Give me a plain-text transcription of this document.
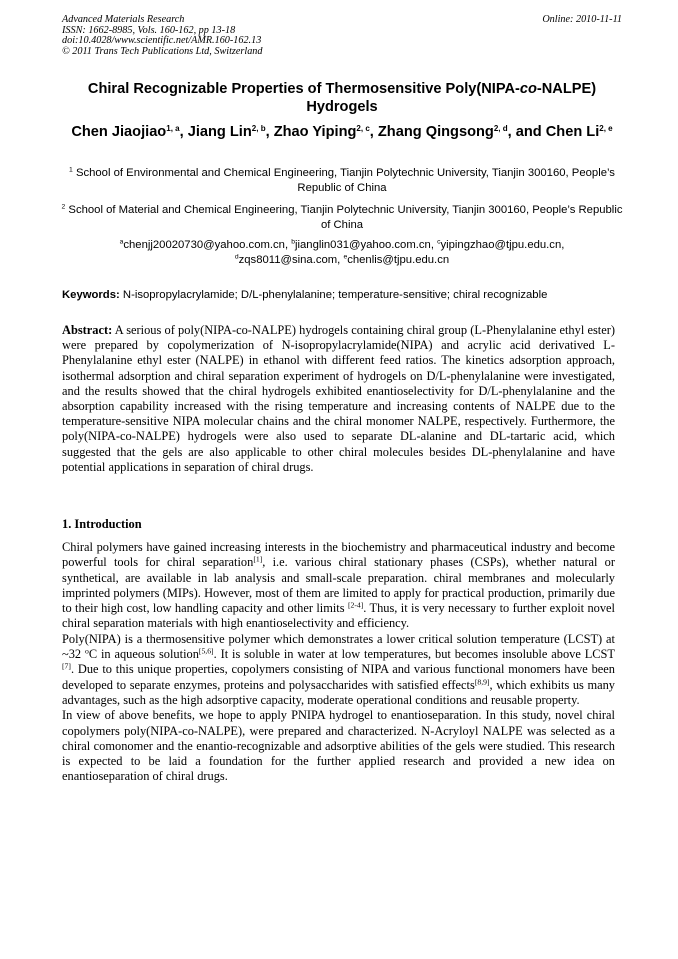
Advanced Materials Research
ISSN: 1662-8985, Vols. 160-162, pp 13-18
doi:10.4028/www.scientific.net/AMR.160-162.13
© 2011 Trans Tech Publications Ltd, Switzerland
Online: 2010-11-11
Chiral Recognizable Properties of Thermosensitive Poly(NIPA-co-NALPE) Hydrogels
Chen Jiaojiao$^{1, a}$, Jiang Lin$^{2, b}$, Zhao Yiping$^{2, c}$, Zhang Qingsong$^{2, d}$, and Chen Li$^{2, e}$
$^1$ School of Environmental and Chemical Engineering, Tianjin Polytechnic University, Tianjin 300160, People’s Republic of China
$^2$ School of Material and Chemical Engineering, Tianjin Polytechnic University, Tianjin 300160, People’s Republic of China
$^a$chenjj20020730@yahoo.com.cn, $^b$jianglin031@yahoo.com.cn, $^c$yipingzhao@tjpu.edu.cn,
$^d$zqs8011@sina.com, $^e$chenlis@tjpu.edu.cn
Keywords: N-isopropylacrylamide; D/L-phenylalanine; temperature-sensitive; chiral recognizable
Abstract: A serious of poly(NIPA-co-NALPE) hydrogels containing chiral group (L-Phenylalanine ethyl ester) were prepared by copolymerization of N-isopropylacrylamide(NIPA) and acrylic acid derivatived L-Phenylalanine ethyl ester (NALPE) in ethanol with different feed ratios. The kinetics adsorption approach, isothermal adsorption and chiral separation experiment of hydrogels on D/L-phenylalanine were investigated, and the results showed that the chiral hydrogels exhibited enantioselectivity for D/L-phenylalanine and the absorption capability increased with the rising temperature and increasing contents of NALPE due to the temperature-sensitive NIPA molecular chains and the chiral monomer NALPE, respectively. Furthermore, the poly(NIPA-co-NALPE) hydrogels were also used to separate DL-alanine and DL-tartaric acid, which suggested that the gels are also applicable to other chiral molecules besides DL-phenylalanine and have potential applications in separation of chiral drugs.
1. Introduction

Chiral polymers have gained increasing interests in the biochemistry and pharmaceutical industry and become powerful tools for chiral separation[1], i.e. various chiral stationary phases (CSPs), whether natural or synthetical, are available in lab analysis and small-scale preparation. chiral membranes and molecularly imprinted polymers (MIPs). However, most of them are limited to apply for practical production, primarily due to their high cost, low handling capacity and other limits [2-4]. Thus, it is very necessary to further exploit novel chiral separation materials with high enantioselectivity and efficiency.

Poly(NIPA) is a thermosensitive polymer which demonstrates a lower critical solution temperature (LCST) at ~32 $^o$C in aqueous solution[5,6]. It is soluble in water at low temperatures, but becomes insoluble above LCST [7]. Due to this unique properties, copolymers consisting of NIPA and various functional monomers have been developed to separate enzymes, proteins and polysaccharides with satisfied effects[8,9], which exhibits us many advantages, such as the high adsorptive capacity, moderate operational conditions and reusable property.

In view of above benefits, we hope to apply PNIPA hydrogel to enantioseparation. In this study, novel chiral copolymers poly(NIPA-co-NALPE), were prepared and characterized. N-Acryloyl NALPE was selected as a chiral comonomer and the enantio-recognizable and adsorptive abilities of the gels were studied. This research is expected to be laid a foundation for the further applied research and provided a new idea on enantioseparation of chiral drugs.
